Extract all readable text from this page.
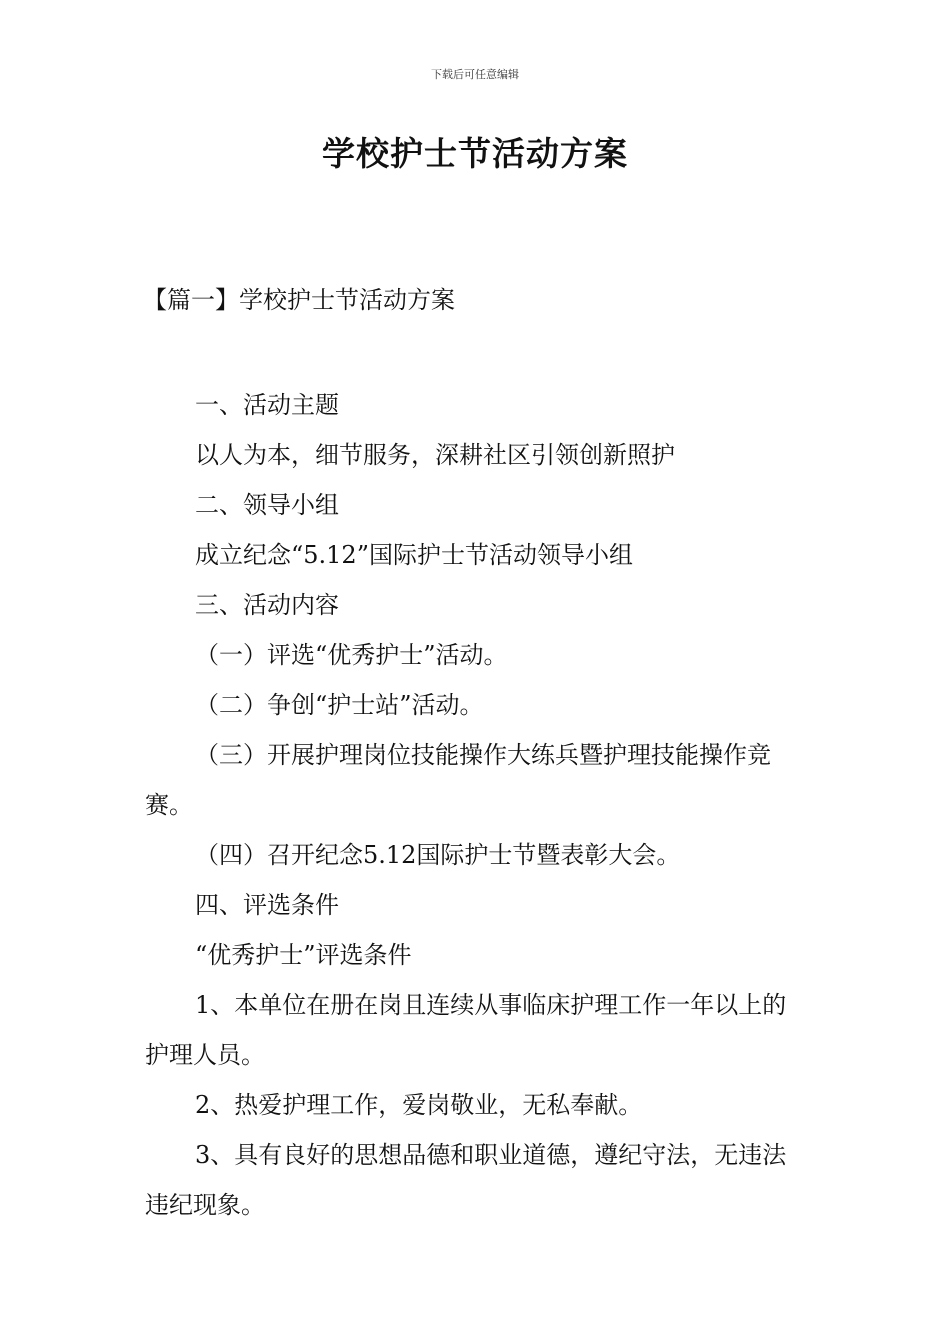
下载后可任意编辑
学校护士节活动方案
【篇一】学校护士节活动方案

一、活动主题

以人为本，细节服务，深耕社区引领创新照护

二、领导小组

成立纪念“5.12”国际护士节活动领导小组

三、活动内容

（一）评选“优秀护士”活动。

（二）争创“护士站”活动。

（三）开展护理岗位技能操作大练兵暨护理技能操作竞赛。

（四）召开纪念5.12国际护士节暨表彰大会。

四、评选条件

“优秀护士”评选条件

1、本单位在册在岗且连续从事临床护理工作一年以上的护理人员。

2、热爱护理工作，爱岗敬业，无私奉献。

3、具有良好的思想品德和职业道德，遵纪守法，无违法违纪现象。
